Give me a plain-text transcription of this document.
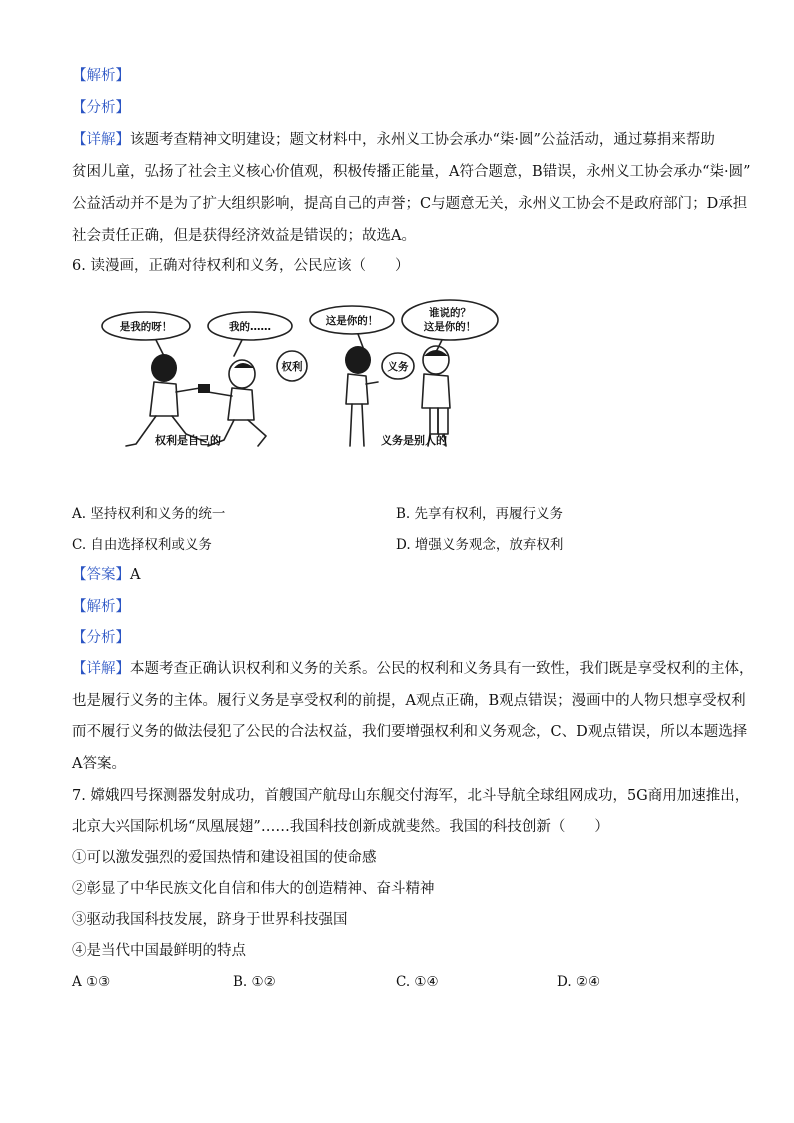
【解析】
【分析】
【详解】该题考查精神文明建设；题文材料中，永州义工协会承办“柒·圆”公益活动，通过募捐来帮助
贫困儿童，弘扬了社会主义核心价值观，积极传播正能量，A符合题意，B错误，永州义工协会承办“柒·圆”
公益活动并不是为了扩大组织影响，提高自己的声誉；C与题意无关，永州义工协会不是政府部门；D承担
社会责任正确，但是获得经济效益是错误的；故选A。
6. 读漫画，正确对待权利和义务，公民应该（　　）
是我的呀！	我的……	这是你的！
谁说的？
这是你的！
权利	义务
权利是自己的	义务是别人的
A. 坚持权利和义务的统一	B. 先享有权利，再履行义务
C. 自由选择权利或义务	D. 增强义务观念，放弃权利
【答案】A
【解析】
【分析】
【详解】本题考查正确认识权利和义务的关系。公民的权利和义务具有一致性，我们既是享受权利的主体，
也是履行义务的主体。履行义务是享受权利的前提，A观点正确，B观点错误；漫画中的人物只想享受权利
而不履行义务的做法侵犯了公民的合法权益，我们要增强权利和义务观念，C、D观点错误，所以本题选择
A答案。
7. 嫦娥四号探测器发射成功，首艘国产航母山东舰交付海军，北斗导航全球组网成功，5G商用加速推出，
北京大兴国际机场“凤凰展翅”……我国科技创新成就斐然。我国的科技创新（　　）
①可以激发强烈的爱国热情和建设祖国的使命感
②彰显了中华民族文化自信和伟大的创造精神、奋斗精神
③驱动我国科技发展，跻身于世界科技强国
④是当代中国最鲜明的特点
A ①③	B. ①②	C. ①④	D. ②④
